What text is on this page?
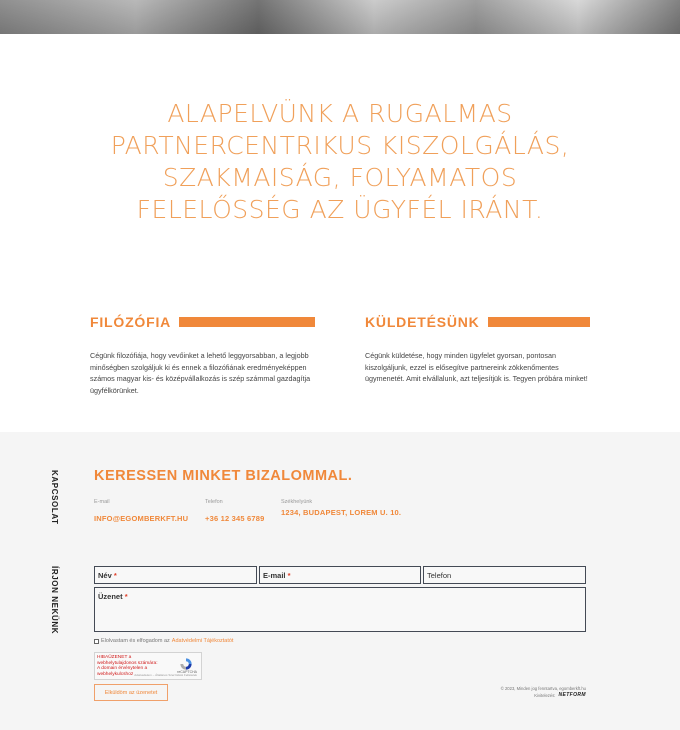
ALAPELVÜNK A RUGALMAS
PARTNERCENTRIKUS KISZOLGÁLÁS,
SZAKMAISÁG, FOLYAMATOS
FELELŐSSÉG AZ ÜGYFÉL IRÁNT.
FILÓZÓFIA

Cégünk filozófiája, hogy vevőinket a lehető leggyorsabban, a legjobb minőségben szolgáljuk ki és ennek a filozófiának eredményeképpen számos magyar kis- és középvállalkozás is szép számmal gazdagítja ügyfélkörünket.

KÜLDETÉSÜNK

Cégünk küldetése, hogy minden ügyfelet gyorsan, pontosan kiszolgáljunk, ezzel is elősegítve partnereink zökkenőmentes ügymenetét. Amit elvállalunk, azt teljesítjük is. Tegyen próbára minket!

KAPCSOLAT
ÍRJON NEKÜNK
KERESSEN MINKET BIZALOMMAL.
E-mail
INFO@EGOMBERKFT.HU
Telefon
+36 12 345 6789
Székhelyünk
1234, BUDAPEST, LOREM U. 10.
Név *	E-mail *	Telefon
Üzenet *
Elolvastam és elfogadom az Adatvédelmi Tájékoztatót
HIBAÜZENET a webhelytulajdonos számára: A domain érvénytelen a webhelykulcshoz	reCAPTCHA
Adatvédelem – Általános Szerződési Feltételek
Elküldöm az üzenetet
© 2023, Minden jog fenntartva, egomberkft.hu
Kivitelezés: NETFORM
